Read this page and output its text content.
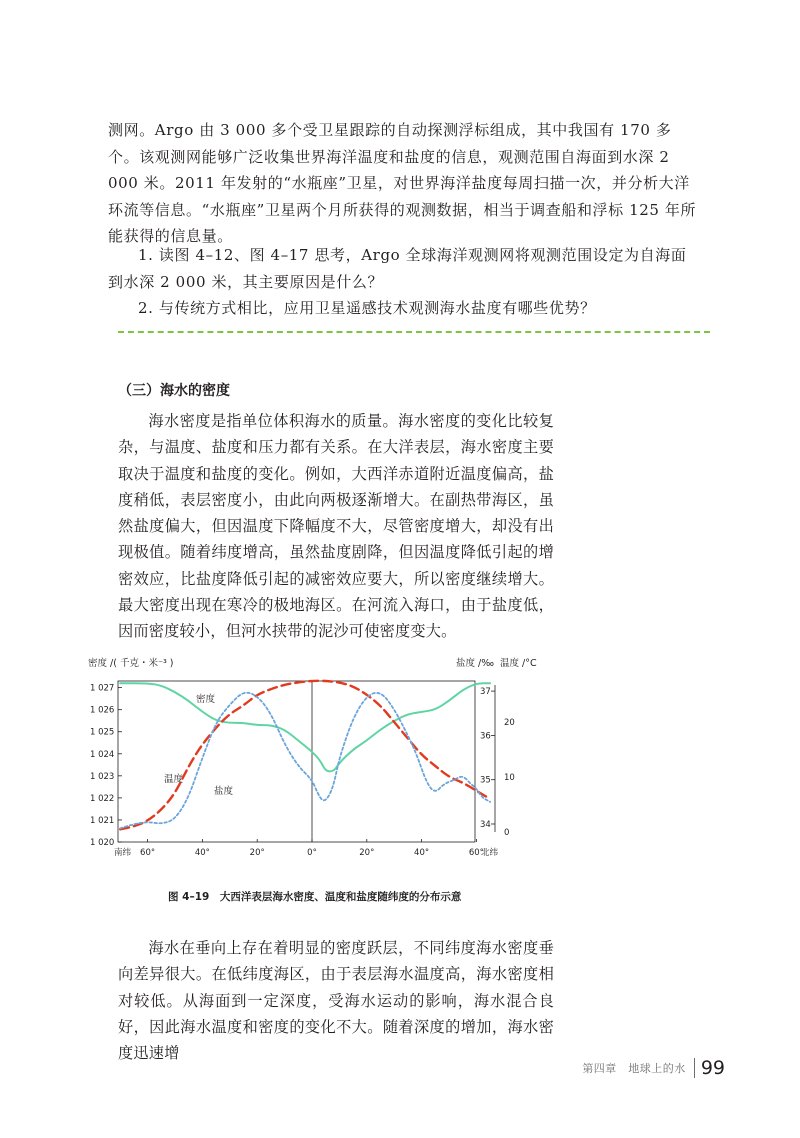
测网。Argo 由 3 000 多个受卫星跟踪的自动探测浮标组成，其中我国有 170 多个。该观测网能够广泛收集世界海洋温度和盐度的信息，观测范围自海面到水深 2 000 米。2011 年发射的“水瓶座”卫星，对世界海洋盐度每周扫描一次，并分析大洋环流等信息。“水瓶座”卫星两个月所获得的观测数据，相当于调查船和浮标 125 年所能获得的信息量。

1. 读图 4–12、图 4–17 思考，Argo 全球海洋观测网将观测范围设定为自海面到水深 2 000 米，其主要原因是什么？

2. 与传统方式相比，应用卫星遥感技术观测海水盐度有哪些优势？

（三）海水的密度

海水密度是指单位体积海水的质量。海水密度的变化比较复杂，与温度、盐度和压力都有关系。在大洋表层，海水密度主要取决于温度和盐度的变化。例如，大西洋赤道附近温度偏高，盐度稍低，表层密度小，由此向两极逐渐增大。在副热带海区，虽然盐度偏大，但因温度下降幅度不大，尽管密度增大，却没有出现极值。随着纬度增高，虽然盐度剧降，但因温度降低引起的增密效应，比盐度降低引起的减密效应要大，所以密度继续增大。最大密度出现在寒冷的极地海区。在河流入海口，由于盐度低，因而密度较小，但河水挟带的泥沙可使密度变大。

密度 /( 千克・米⁻³ )	盐度 /‰ 温度 /°C
1 020
1 021
1 022
1 023
1 024
1 025
1 026
1 027
34
35
36
37
0
10
20
南纬 60°	40°	20°	0°	20°	40°	60°
北纬
密度
温度
盐度

图 4–19　大西洋表层海水密度、温度和盐度随纬度的分布示意

海水在垂向上存在着明显的密度跃层，不同纬度海水密度垂向差异很大。在低纬度海区，由于表层海水温度高，海水密度相对较低。从海面到一定深度，受海水运动的影响，海水混合良好，因此海水温度和密度的变化不大。随着深度的增加，海水密度迅速增

第四章　地球上的水 99
